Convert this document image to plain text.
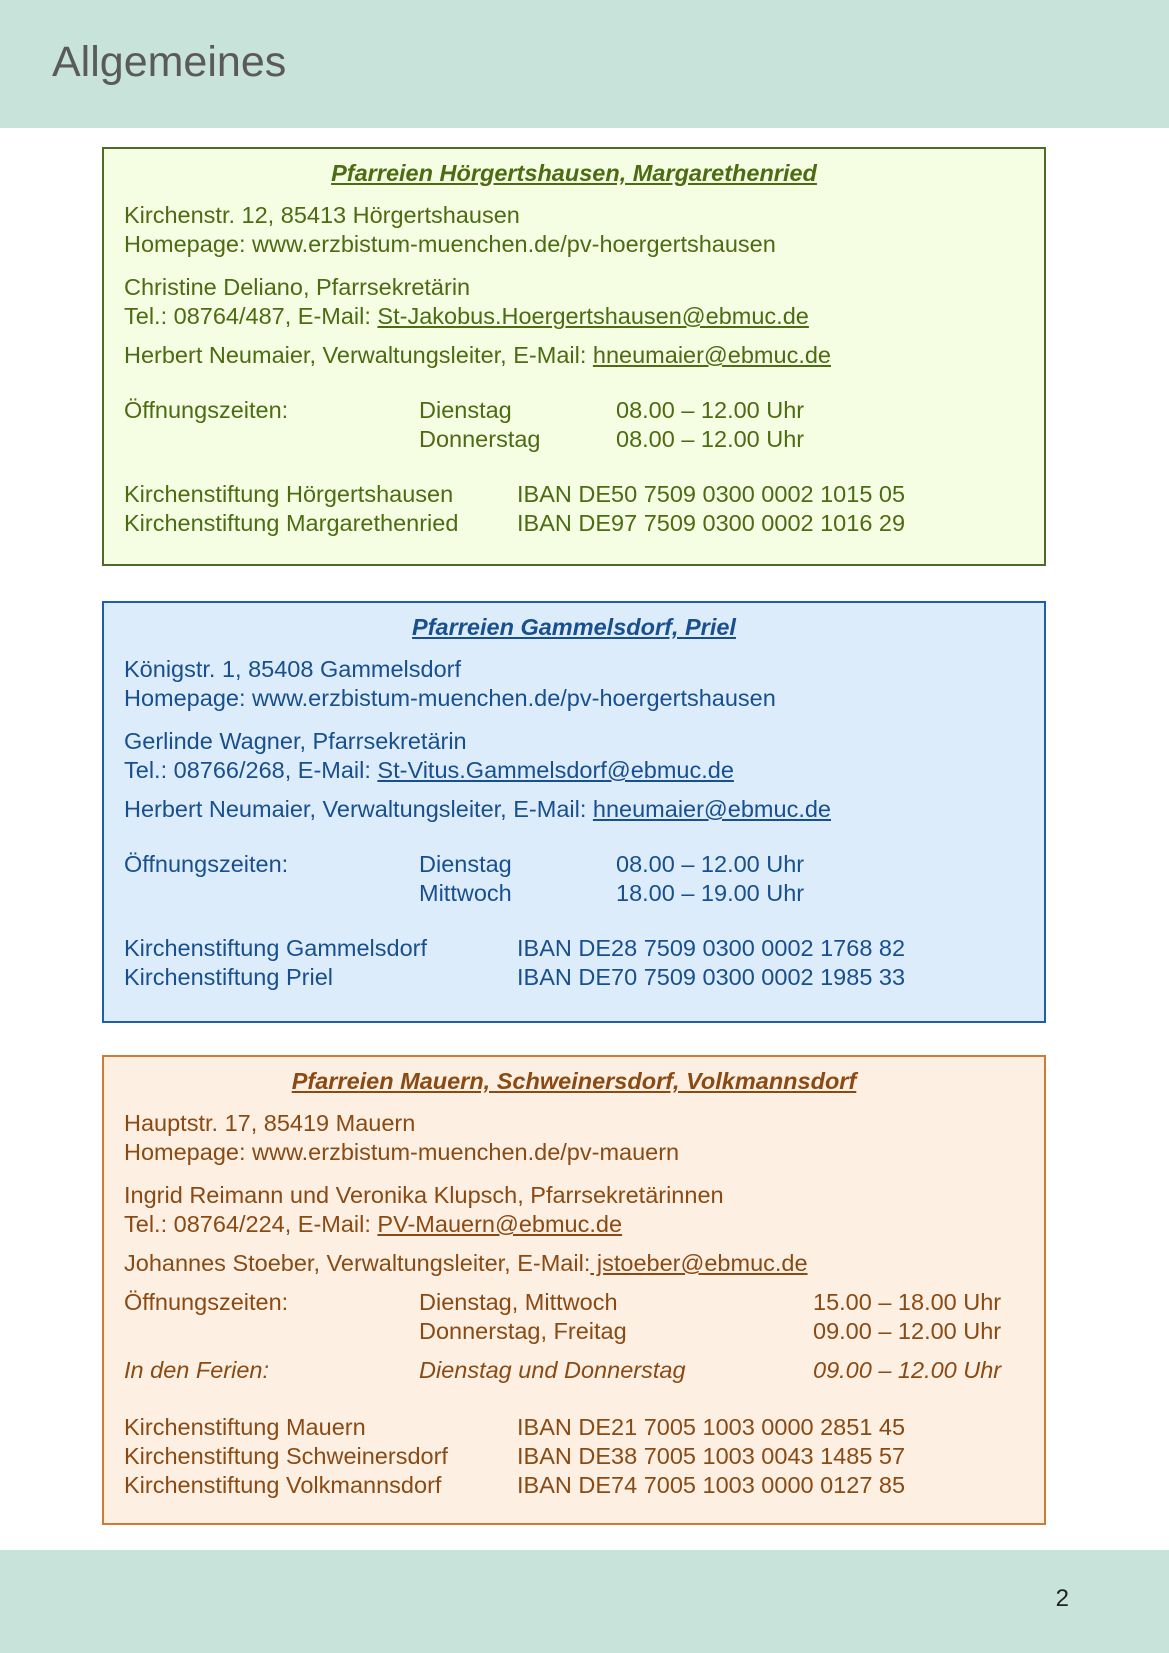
Allgemeines
Pfarreien Hörgertshausen, Margarethenried
Kirchenstr. 12, 85413 Hörgertshausen
Homepage: www.erzbistum-muenchen.de/pv-hoergertshausen
Christine Deliano, Pfarrsekretärin
Tel.: 08764/487, E-Mail: St-Jakobus.Hoergertshausen@ebmuc.de
Herbert Neumaier, Verwaltungsleiter, E-Mail: hneumaier@ebmuc.de
Öffnungszeiten:	Dienstag	08.00 – 12.00 Uhr
Donnerstag	08.00 – 12.00 Uhr
Kirchenstiftung Hörgertshausen	IBAN DE50 7509 0300 0002 1015 05
Kirchenstiftung Margarethenried IBAN DE97 7509 0300 0002 1016 29
Pfarreien Gammelsdorf, Priel
Königstr. 1, 85408 Gammelsdorf
Homepage: www.erzbistum-muenchen.de/pv-hoergertshausen
Gerlinde Wagner, Pfarrsekretärin
Tel.: 08766/268, E-Mail: St-Vitus.Gammelsdorf@ebmuc.de
Herbert Neumaier, Verwaltungsleiter, E-Mail: hneumaier@ebmuc.de
Öffnungszeiten:	Dienstag	08.00 – 12.00 Uhr
Mittwoch	18.00 – 19.00 Uhr
Kirchenstiftung Gammelsdorf	IBAN DE28 7509 0300 0002 1768 82
Kirchenstiftung Priel	IBAN DE70 7509 0300 0002 1985 33
Pfarreien Mauern, Schweinersdorf, Volkmannsdorf
Hauptstr. 17, 85419 Mauern
Homepage: www.erzbistum-muenchen.de/pv-mauern
Ingrid Reimann und Veronika Klupsch, Pfarrsekretärinnen
Tel.: 08764/224, E-Mail: PV-Mauern@ebmuc.de
Johannes Stoeber, Verwaltungsleiter, E-Mail: jstoeber@ebmuc.de
Öffnungszeiten:	Dienstag, Mittwoch	15.00 – 18.00 Uhr
Donnerstag, Freitag	09.00 – 12.00 Uhr
In den Ferien:	Dienstag und Donnerstag	09.00 – 12.00 Uhr
Kirchenstiftung Mauern	IBAN DE21 7005 1003 0000 2851 45
Kirchenstiftung Schweinersdorf	IBAN DE38 7005 1003 0043 1485 57
Kirchenstiftung Volkmannsdorf	IBAN DE74 7005 1003 0000 0127 85
2
